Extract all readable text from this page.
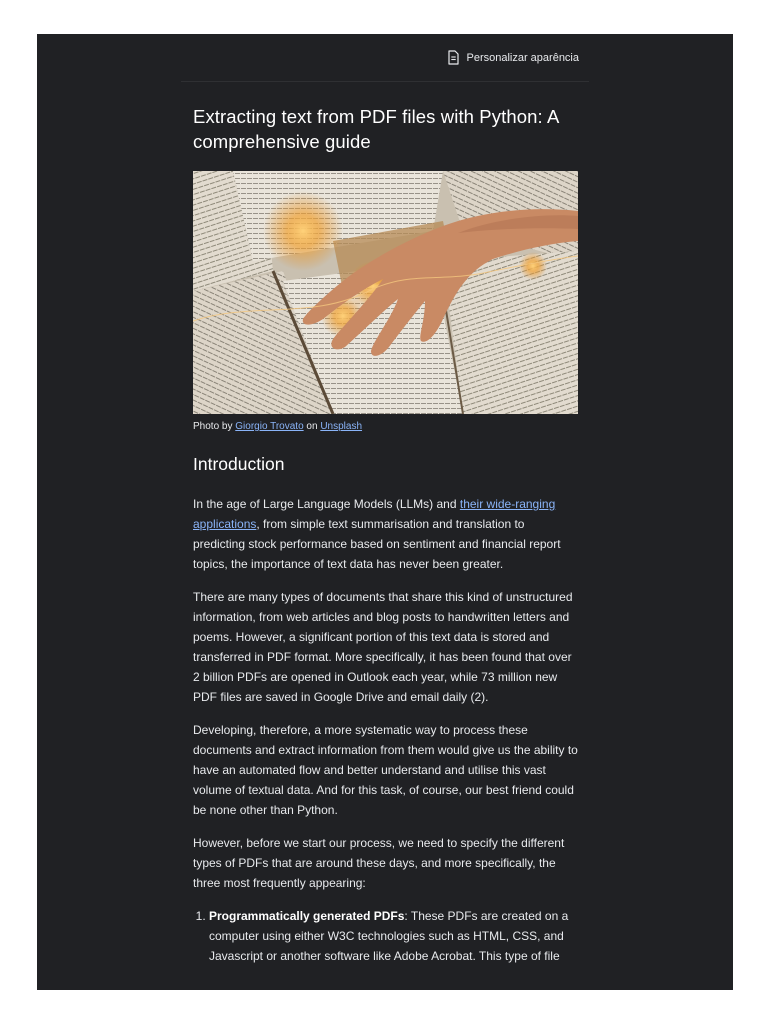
Personalizar aparência
Extracting text from PDF files with Python: A comprehensive guide
Photo by Giorgio Trovato on Unsplash
Introduction

In the age of Large Language Models (LLMs) and their wide-ranging applications, from simple text summarisation and translation to predicting stock performance based on sentiment and financial report topics, the importance of text data has never been greater.

There are many types of documents that share this kind of unstructured information, from web articles and blog posts to handwritten letters and poems. However, a significant portion of this text data is stored and transferred in PDF format. More specifically, it has been found that over 2 billion PDFs are opened in Outlook each year, while 73 million new PDF files are saved in Google Drive and email daily (2).

Developing, therefore, a more systematic way to process these documents and extract information from them would give us the ability to have an automated flow and better understand and utilise this vast volume of textual data. And for this task, of course, our best friend could be none other than Python.

However, before we start our process, we need to specify the different types of PDFs that are around these days, and more specifically, the three most frequently appearing:

1. Programmatically generated PDFs: These PDFs are created on a computer using either W3C technologies such as HTML, CSS, and Javascript or another software like Adobe Acrobat. This type of file
